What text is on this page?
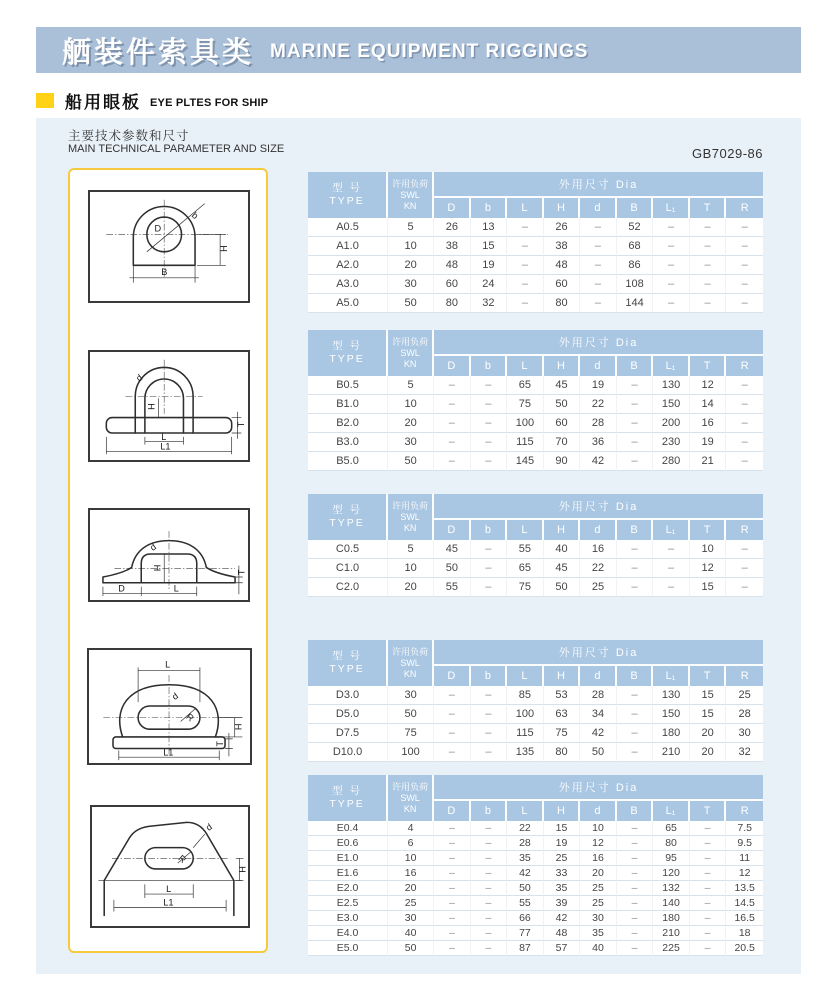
舾装件索具类 MARINE EQUIPMENT RIGGINGS
船用眼板 EYE PLTES FOR SHIP
主要技术参数和尺寸
MAIN TECHNICAL PARAMETER AND SIZE	GB7029-86
D
b
H
B
d
H
T
L
L1
d
H
T
D	L
L
d
R
H
T
L1
d
R
H
L
L1
型 号
TYPE

许用负荷
SWL
KN
	外用尺寸 Dia
		D	b	L	H	d	B	L₁	T	R
A0.5	5	26	13	–	26	–	52	–	–	–
A1.0	10	38	15	–	38	–	68	–	–	–
A2.0	20	48	19	–	48	–	86	–	–	–
A3.0	30	60	24	–	60	–	108	–	–	–
A5.0	50	80	32	–	80	–	144	–	–	–
型 号
TYPE

许用负荷
SWL
KN
	外用尺寸 Dia
		D	b	L	H	d	B	L₁	T	R
B0.5	5	–	–	65	45	19	–	130	12	–
B1.0	10	–	–	75	50	22	–	150	14	–
B2.0	20	–	–	100	60	28	–	200	16	–
B3.0	30	–	–	115	70	36	–	230	19	–
B5.0	50	–	–	145	90	42	–	280	21	–
型 号
TYPE

许用负荷
SWL
KN
	外用尺寸 Dia
		D	b	L	H	d	B	L₁	T	R
C0.5	5	45	–	55	40	16	–	–	10	–
C1.0	10	50	–	65	45	22	–	–	12	–
C2.0	20	55	–	75	50	25	–	–	15	–
型 号
TYPE

许用负荷
SWL
KN
	外用尺寸 Dia
		D	b	L	H	d	B	L₁	T	R
D3.0	30	–	–	85	53	28	–	130	15	25
D5.0	50	–	–	100	63	34	–	150	15	28
D7.5	75	–	–	115	75	42	–	180	20	30
D10.0	100	–	–	135	80	50	–	210	20	32
型 号
TYPE

许用负荷
SWL
KN
	外用尺寸 Dia
		D	b	L	H	d	B	L₁	T	R
E0.4	4	–	–	22	15	10	–	65	–	7.5
E0.6	6	–	–	28	19	12	–	80	–	9.5
E1.0	10	–	–	35	25	16	–	95	–	11
E1.6	16	–	–	42	33	20	–	120	–	12
E2.0	20	–	–	50	35	25	–	132	–	13.5
E2.5	25	–	–	55	39	25	–	140	–	14.5
E3.0	30	–	–	66	42	30	–	180	–	16.5
E4.0	40	–	–	77	48	35	–	210	–	18
E5.0	50	–	–	87	57	40	–	225	–	20.5
